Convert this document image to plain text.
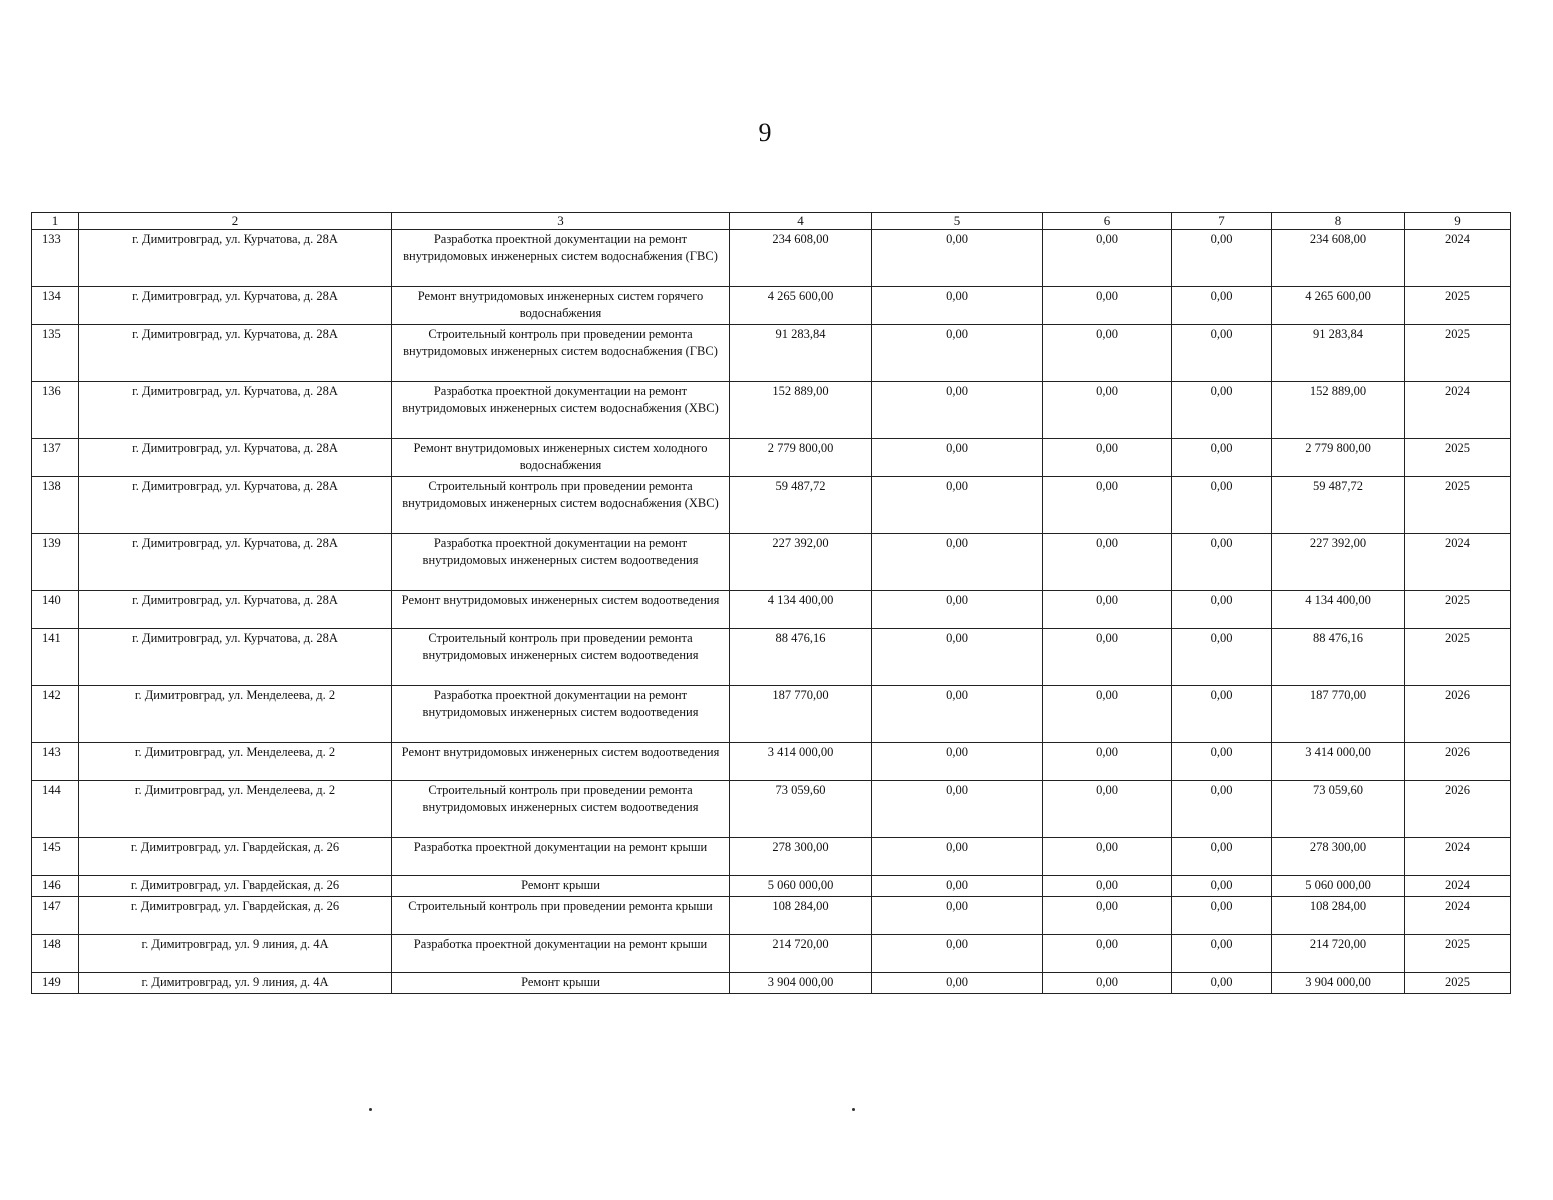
9
1	2	3	4	5	6	7	8	9
133	г. Димитровград, ул. Курчатова, д. 28А	Разработка проектной документации на ремонт внутридомовых инженерных систем водоснабжения (ГВС)	234 608,00	0,00	0,00	0,00	234 608,00	2024
134	г. Димитровград, ул. Курчатова, д. 28А	Ремонт внутридомовых инженерных систем горячего водоснабжения	4 265 600,00	0,00	0,00	0,00	4 265 600,00	2025
135	г. Димитровград, ул. Курчатова, д. 28А	Строительный контроль при проведении ремонта внутридомовых инженерных систем водоснабжения (ГВС)	91 283,84	0,00	0,00	0,00	91 283,84	2025
136	г. Димитровград, ул. Курчатова, д. 28А	Разработка проектной документации на ремонт внутридомовых инженерных систем водоснабжения (ХВС)	152 889,00	0,00	0,00	0,00	152 889,00	2024
137	г. Димитровград, ул. Курчатова, д. 28А	Ремонт внутридомовых инженерных систем холодного водоснабжения	2 779 800,00	0,00	0,00	0,00	2 779 800,00	2025
138	г. Димитровград, ул. Курчатова, д. 28А	Строительный контроль при проведении ремонта внутридомовых инженерных систем водоснабжения (ХВС)	59 487,72	0,00	0,00	0,00	59 487,72	2025
139	г. Димитровград, ул. Курчатова, д. 28А	Разработка проектной документации на ремонт внутридомовых инженерных систем водоотведения	227 392,00	0,00	0,00	0,00	227 392,00	2024
140	г. Димитровград, ул. Курчатова, д. 28А	Ремонт внутридомовых инженерных систем водоотведения	4 134 400,00	0,00	0,00	0,00	4 134 400,00	2025
141	г. Димитровград, ул. Курчатова, д. 28А	Строительный контроль при проведении ремонта внутридомовых инженерных систем водоотведения	88 476,16	0,00	0,00	0,00	88 476,16	2025
142	г. Димитровград, ул. Менделеева, д. 2	Разработка проектной документации на ремонт внутридомовых инженерных систем водоотведения	187 770,00	0,00	0,00	0,00	187 770,00	2026
143	г. Димитровград, ул. Менделеева, д. 2	Ремонт внутридомовых инженерных систем водоотведения	3 414 000,00	0,00	0,00	0,00	3 414 000,00	2026
144	г. Димитровград, ул. Менделеева, д. 2	Строительный контроль при проведении ремонта внутридомовых инженерных систем водоотведения	73 059,60	0,00	0,00	0,00	73 059,60	2026
145	г. Димитровград, ул. Гвардейская, д. 26	Разработка проектной документации на ремонт крыши	278 300,00	0,00	0,00	0,00	278 300,00	2024
146	г. Димитровград, ул. Гвардейская, д. 26	Ремонт крыши	5 060 000,00	0,00	0,00	0,00	5 060 000,00	2024
147	г. Димитровград, ул. Гвардейская, д. 26	Строительный контроль при проведении ремонта крыши	108 284,00	0,00	0,00	0,00	108 284,00	2024
148	г. Димитровград, ул. 9 линия, д. 4А	Разработка проектной документации на ремонт крыши	214 720,00	0,00	0,00	0,00	214 720,00	2025
149	г. Димитровград, ул. 9 линия, д. 4А	Ремонт крыши	3 904 000,00	0,00	0,00	0,00	3 904 000,00	2025
